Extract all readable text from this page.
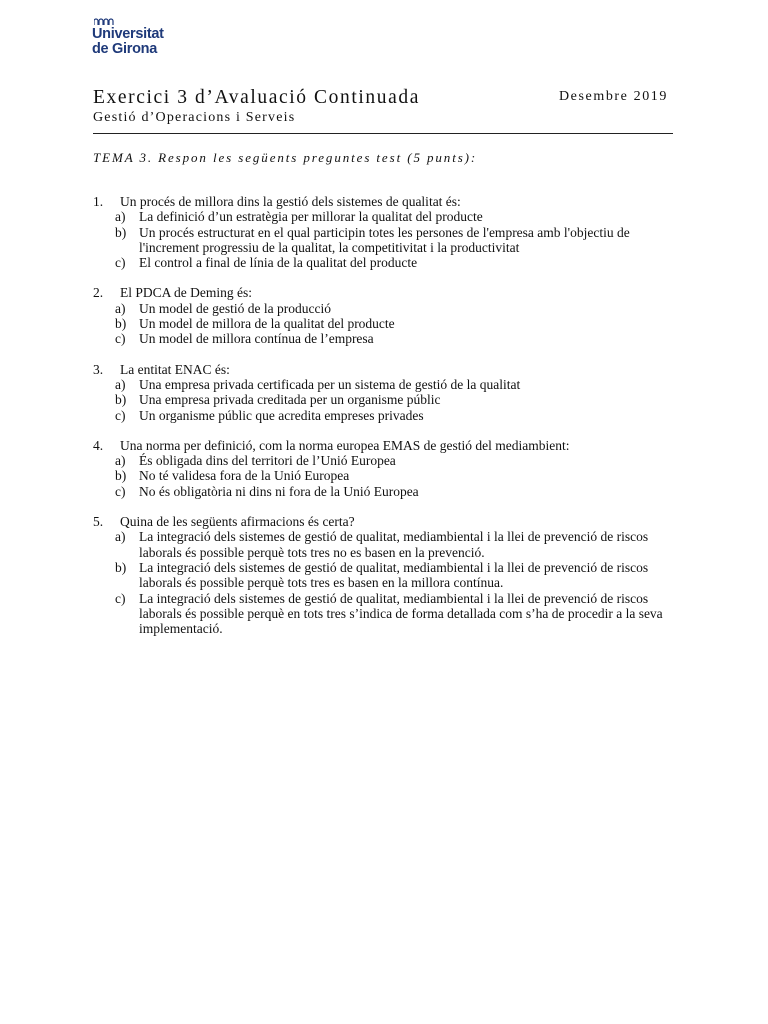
Universitat
de Girona
Exercici 3 d’Avaluació Continuada	Desembre 2019
Gestió d’Operacions i Serveis
TEMA 3. Respon les següents preguntes test (5 punts):
1.	Un procés de millora dins la gestió dels sistemes de qualitat és:
a)	La definició d’un estratègia per millorar la qualitat del producte
b) Un procés estructurat en el qual participin totes les persones de l'empresa amb l'objectiu de l'increment progressiu de la qualitat, la competitivitat i la productivitat
c)	El control a final de línia de la qualitat del producte
2.	El PDCA de Deming és:
a)	Un model de gestió de la producció
b) Un model de millora de la qualitat del producte
c)	Un model de millora contínua de l’empresa
3.	La entitat ENAC és:
a)	Una empresa privada certificada per un sistema de gestió de la qualitat
b) Una empresa privada creditada per un organisme públic
c)	Un organisme públic que acredita empreses privades
4.	Una norma per definició, com la norma europea EMAS de gestió del mediambient:
a)	És obligada dins del territori de l’Unió Europea
b) No té validesa fora de la Unió Europea
c)	No és obligatòria ni dins ni fora de la Unió Europea
5.	Quina de les següents afirmacions és certa?
a)	La integració dels sistemes de gestió de qualitat, mediambiental i la llei de prevenció de riscos laborals és possible perquè tots tres no es basen en la prevenció.
b) La integració dels sistemes de gestió de qualitat, mediambiental i la llei de prevenció de riscos laborals és possible perquè tots tres es basen en la millora contínua.
c)	La integració dels sistemes de gestió de qualitat, mediambiental i la llei de prevenció de riscos laborals és possible perquè en tots tres s’indica de forma detallada com s’ha de procedir a la seva implementació.
